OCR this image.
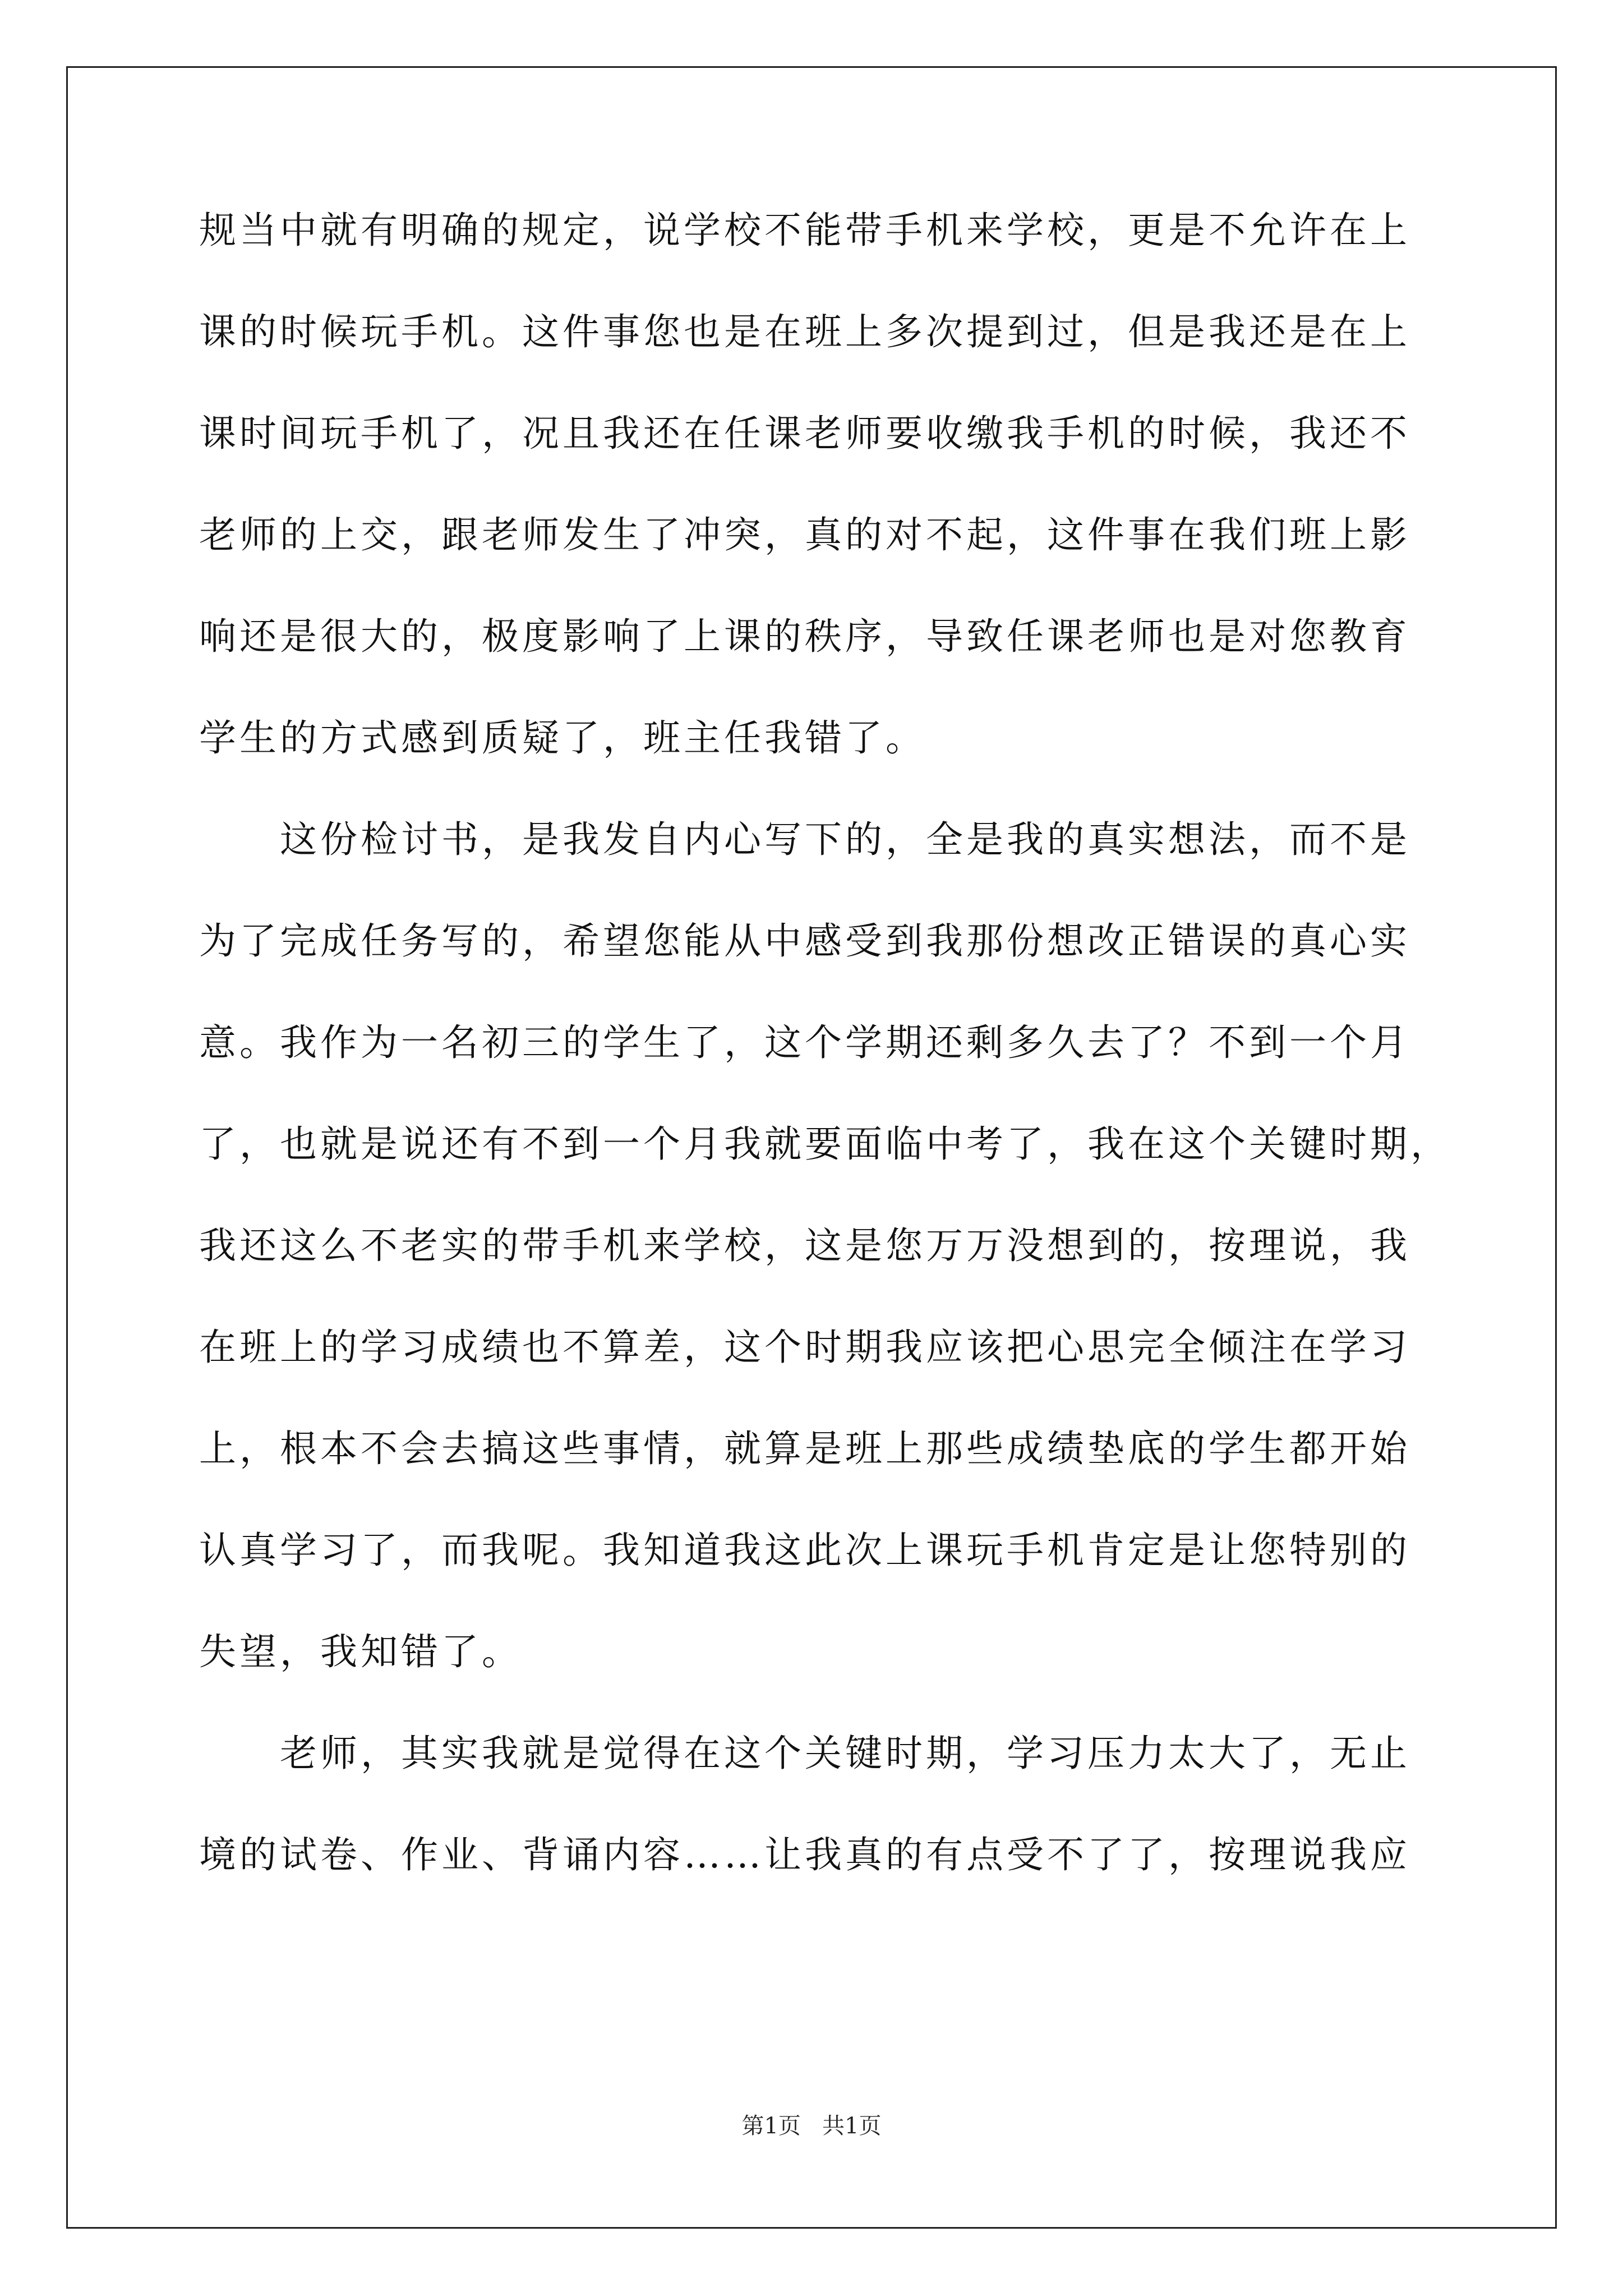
规当中就有明确的规定，说学校不能带手机来学校，更是不允许在上
课的时候玩手机。这件事您也是在班上多次提到过，但是我还是在上
课时间玩手机了，况且我还在任课老师要收缴我手机的时候，我还不
老师的上交，跟老师发生了冲突，真的对不起，这件事在我们班上影
响还是很大的，极度影响了上课的秩序，导致任课老师也是对您教育
学生的方式感到质疑了，班主任我错了。
　　这份检讨书，是我发自内心写下的，全是我的真实想法，而不是
为了完成任务写的，希望您能从中感受到我那份想改正错误的真心实
意。我作为一名初三的学生了，这个学期还剩多久去了？不到一个月
了，也就是说还有不到一个月我就要面临中考了，我在这个关键时期，
我还这么不老实的带手机来学校，这是您万万没想到的，按理说，我
在班上的学习成绩也不算差，这个时期我应该把心思完全倾注在学习
上，根本不会去搞这些事情，就算是班上那些成绩垫底的学生都开始
认真学习了，而我呢。我知道我这此次上课玩手机肯定是让您特别的
失望，我知错了。
　　老师，其实我就是觉得在这个关键时期，学习压力太大了，无止
境的试卷、作业、背诵内容……让我真的有点受不了了，按理说我应
第1页   共1页
